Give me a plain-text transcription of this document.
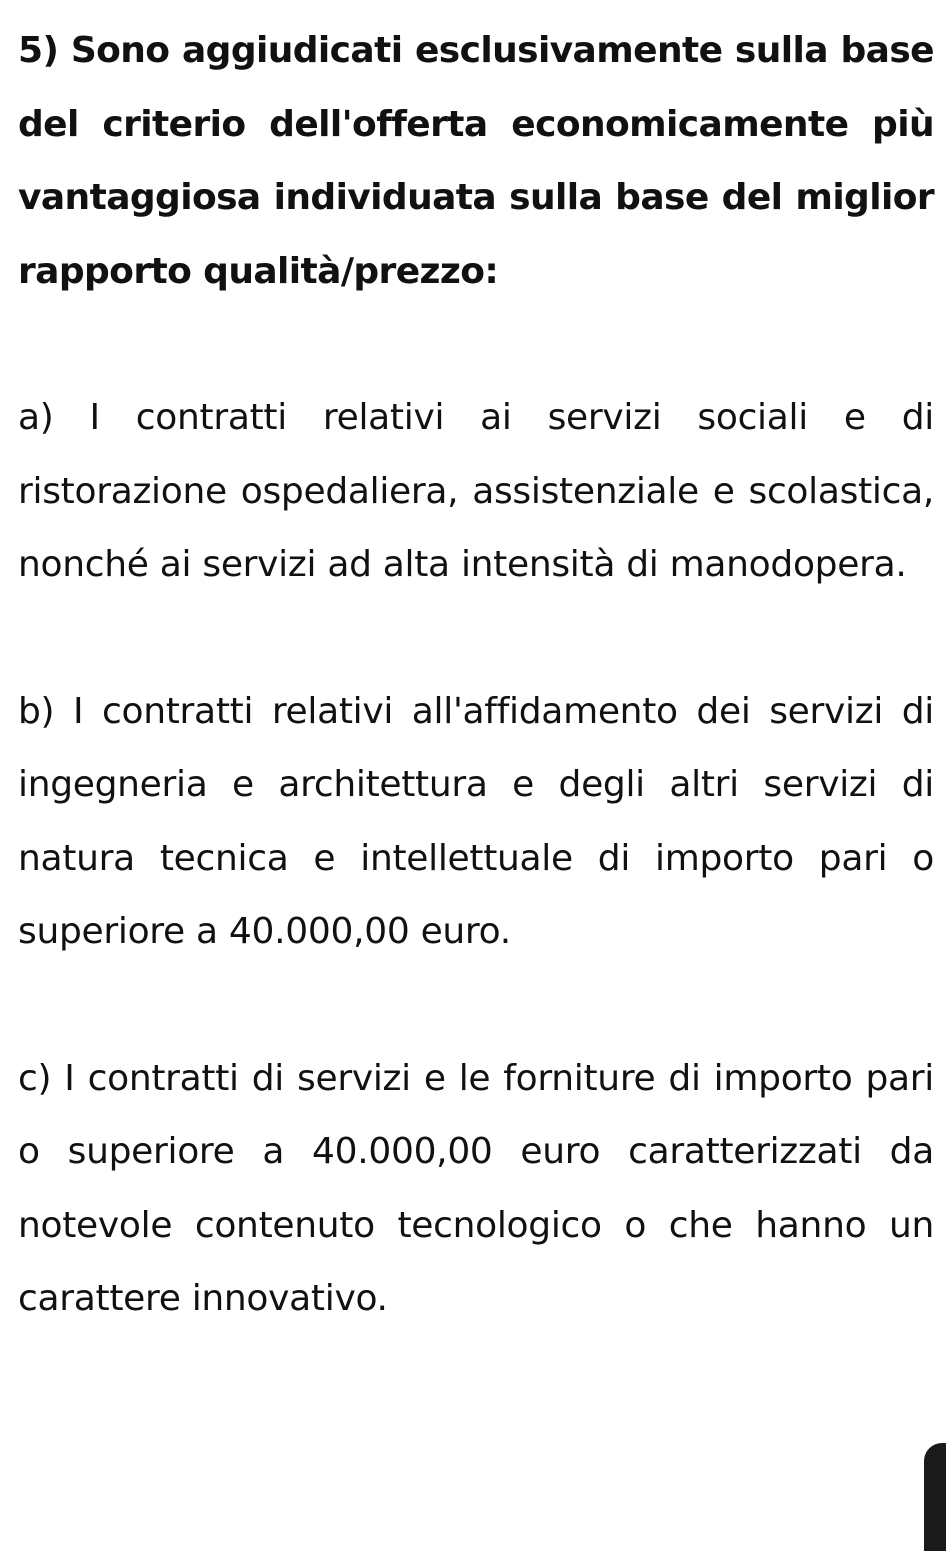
5) Sono aggiudicati esclusivamente sulla base del criterio dell'offerta economicamente più vantaggiosa individuata sulla base del miglior rapporto qualità/prezzo:

a) I contratti relativi ai servizi sociali e di ristorazione ospedaliera, assistenziale e scolastica, nonché ai servizi ad alta intensità di manodopera.

b) I contratti relativi all'affidamento dei servizi di ingegneria e architettura e degli altri servizi di natura tecnica e intellettuale di importo pari o superiore a 40.000,00 euro.

c) I contratti di servizi e le forniture di importo pari o superiore a 40.000,00 euro caratterizzati da notevole contenuto tecnologico o che hanno un carattere innovativo.
